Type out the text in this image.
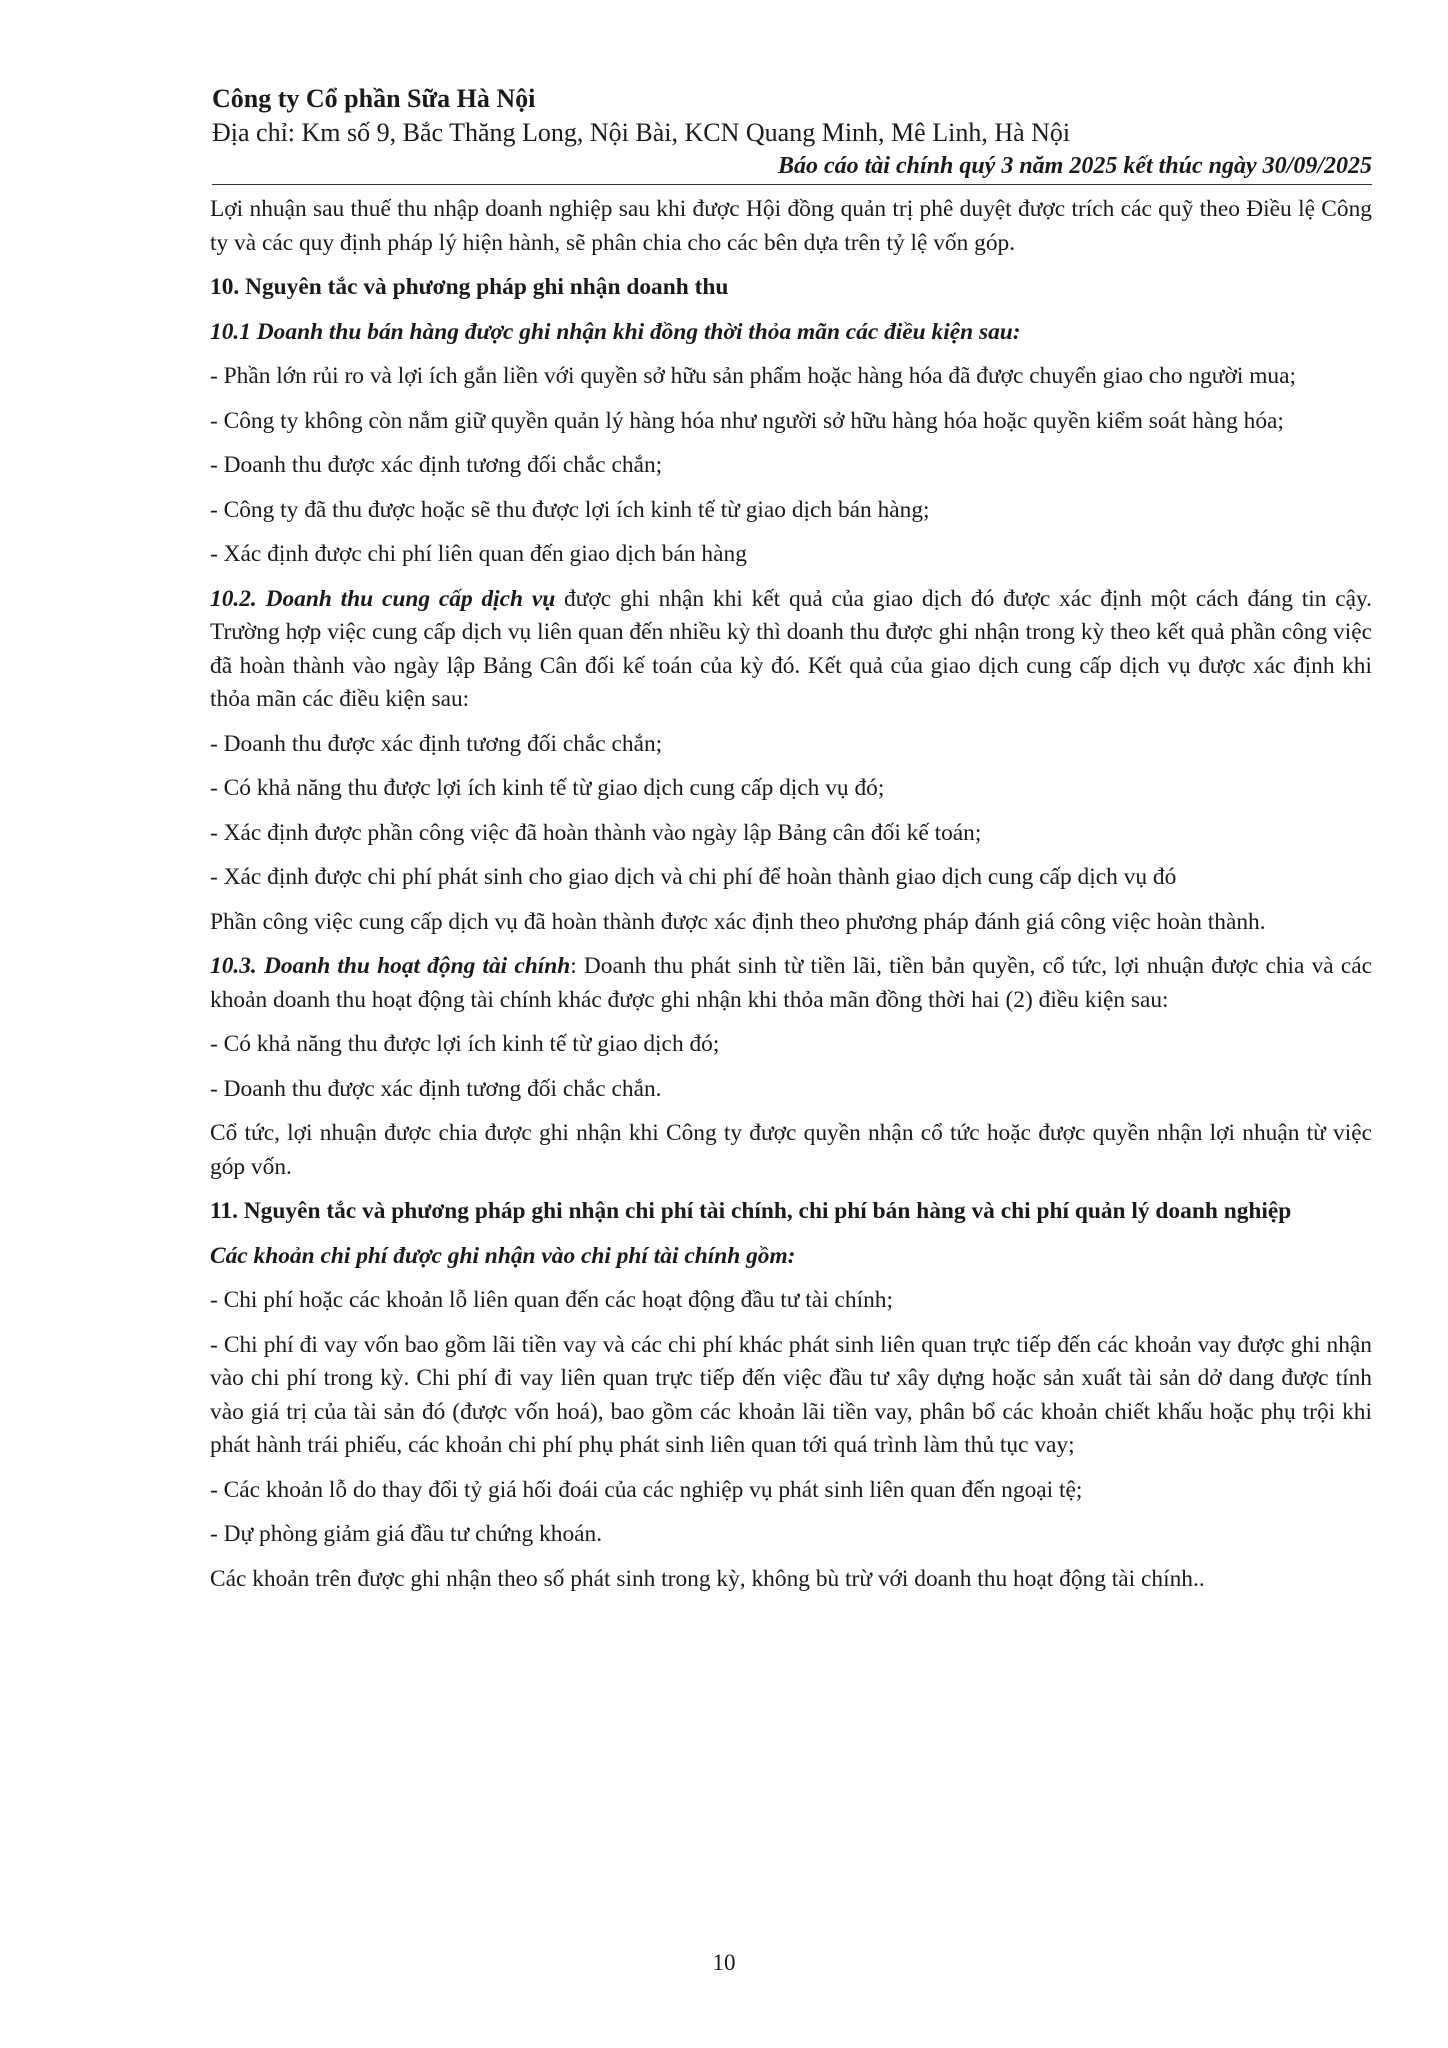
Công ty Cổ phần Sữa Hà Nội
Địa chỉ: Km số 9, Bắc Thăng Long, Nội Bài, KCN Quang Minh, Mê Linh, Hà Nội
Báo cáo tài chính quý 3 năm 2025 kết thúc ngày 30/09/2025

Lợi nhuận sau thuế thu nhập doanh nghiệp sau khi được Hội đồng quản trị phê duyệt được trích các quỹ theo Điều lệ Công ty và các quy định pháp lý hiện hành, sẽ phân chia cho các bên dựa trên tỷ lệ vốn góp.

10. Nguyên tắc và phương pháp ghi nhận doanh thu

10.1 Doanh thu bán hàng được ghi nhận khi đồng thời thỏa mãn các điều kiện sau:

- Phần lớn rủi ro và lợi ích gắn liền với quyền sở hữu sản phẩm hoặc hàng hóa đã được chuyển giao cho người mua;

- Công ty không còn nắm giữ quyền quản lý hàng hóa như người sở hữu hàng hóa hoặc quyền kiểm soát hàng hóa;

- Doanh thu được xác định tương đối chắc chắn;

- Công ty đã thu được hoặc sẽ thu được lợi ích kinh tế từ giao dịch bán hàng;

- Xác định được chi phí liên quan đến giao dịch bán hàng

10.2. Doanh thu cung cấp dịch vụ được ghi nhận khi kết quả của giao dịch đó được xác định một cách đáng tin cậy. Trường hợp việc cung cấp dịch vụ liên quan đến nhiều kỳ thì doanh thu được ghi nhận trong kỳ theo kết quả phần công việc đã hoàn thành vào ngày lập Bảng Cân đối kế toán của kỳ đó. Kết quả của giao dịch cung cấp dịch vụ được xác định khi thỏa mãn các điều kiện sau:

- Doanh thu được xác định tương đối chắc chắn;

- Có khả năng thu được lợi ích kinh tế từ giao dịch cung cấp dịch vụ đó;

- Xác định được phần công việc đã hoàn thành vào ngày lập Bảng cân đối kế toán;

- Xác định được chi phí phát sinh cho giao dịch và chi phí để hoàn thành giao dịch cung cấp dịch vụ đó

Phần công việc cung cấp dịch vụ đã hoàn thành được xác định theo phương pháp đánh giá công việc hoàn thành.

10.3. Doanh thu hoạt động tài chính: Doanh thu phát sinh từ tiền lãi, tiền bản quyền, cổ tức, lợi nhuận được chia và các khoản doanh thu hoạt động tài chính khác được ghi nhận khi thỏa mãn đồng thời hai (2) điều kiện sau:

- Có khả năng thu được lợi ích kinh tế từ giao dịch đó;

- Doanh thu được xác định tương đối chắc chắn.

Cổ tức, lợi nhuận được chia được ghi nhận khi Công ty được quyền nhận cổ tức hoặc được quyền nhận lợi nhuận từ việc góp vốn.

11. Nguyên tắc và phương pháp ghi nhận chi phí tài chính, chi phí bán hàng và chi phí quản lý doanh nghiệp

Các khoản chi phí được ghi nhận vào chi phí tài chính gồm:

- Chi phí hoặc các khoản lỗ liên quan đến các hoạt động đầu tư tài chính;

- Chi phí đi vay vốn bao gồm lãi tiền vay và các chi phí khác phát sinh liên quan trực tiếp đến các khoản vay được ghi nhận vào chi phí trong kỳ. Chi phí đi vay liên quan trực tiếp đến việc đầu tư xây dựng hoặc sản xuất tài sản dở dang được tính vào giá trị của tài sản đó (được vốn hoá), bao gồm các khoản lãi tiền vay, phân bổ các khoản chiết khấu hoặc phụ trội khi phát hành trái phiếu, các khoản chi phí phụ phát sinh liên quan tới quá trình làm thủ tục vay;

- Các khoản lỗ do thay đổi tỷ giá hối đoái của các nghiệp vụ phát sinh liên quan đến ngoại tệ;

- Dự phòng giảm giá đầu tư chứng khoán.

Các khoản trên được ghi nhận theo số phát sinh trong kỳ, không bù trừ với doanh thu hoạt động tài chính..

10
